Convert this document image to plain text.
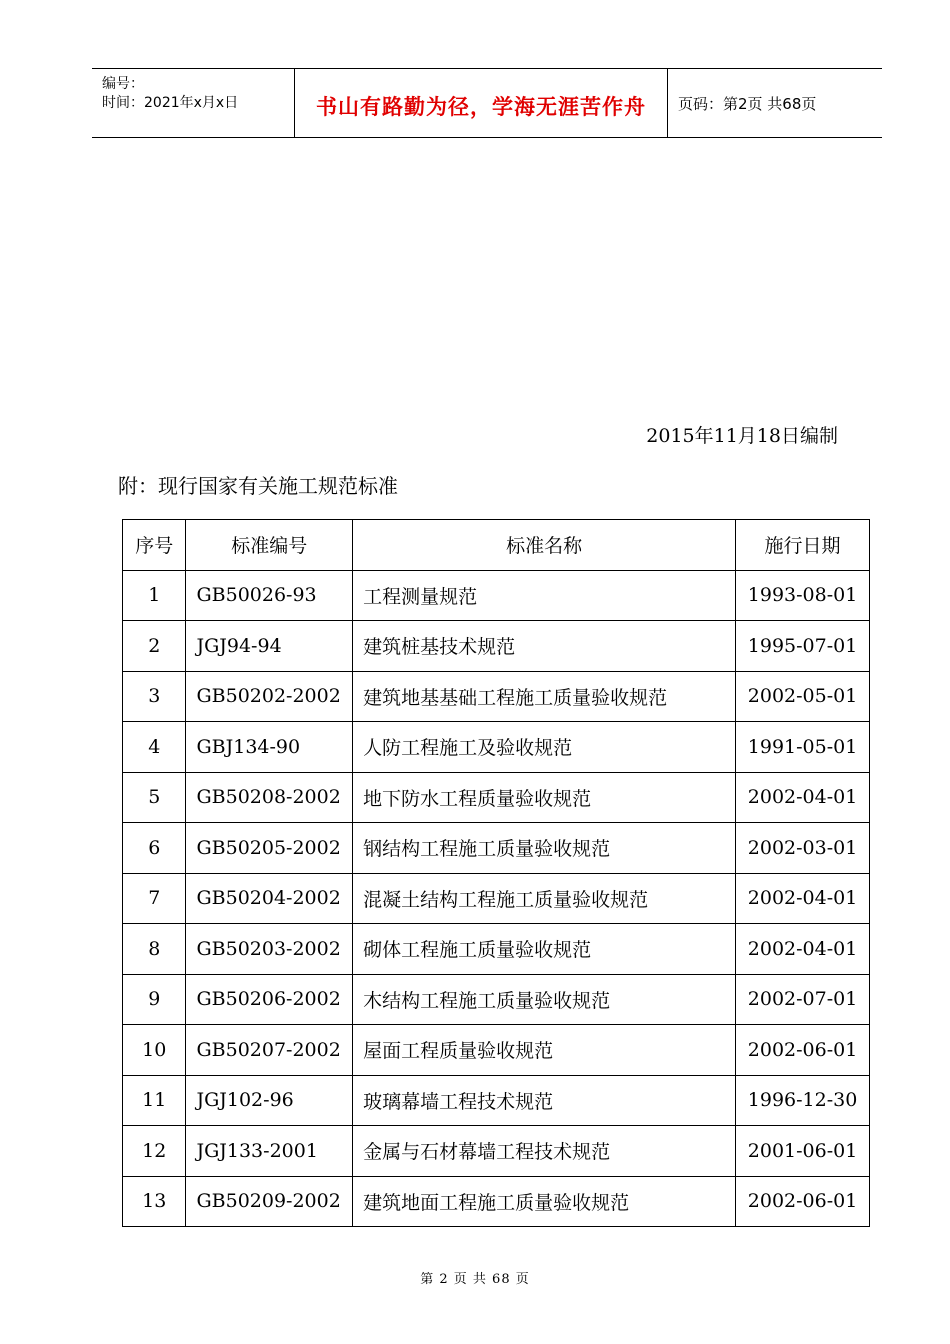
编号：
时间：2021年x月x日	书山有路勤为径，学海无涯苦作舟	页码：第2页 共68页
2015年11月18日编制
附：现行国家有关施工规范标准
序号	标准编号	标准名称	施行日期
1	GB50026-93	工程测量规范	1993-08-01
2	JGJ94-94	建筑桩基技术规范	1995-07-01
3	GB50202-2002	建筑地基基础工程施工质量验收规范	2002-05-01
4	GBJ134-90	人防工程施工及验收规范	1991-05-01
5	GB50208-2002	地下防水工程质量验收规范	2002-04-01
6	GB50205-2002	钢结构工程施工质量验收规范	2002-03-01
7	GB50204-2002	混凝土结构工程施工质量验收规范	2002-04-01
8	GB50203-2002	砌体工程施工质量验收规范	2002-04-01
9	GB50206-2002	木结构工程施工质量验收规范	2002-07-01
10	GB50207-2002	屋面工程质量验收规范	2002-06-01
11	JGJ102-96	玻璃幕墙工程技术规范	1996-12-30
12	JGJ133-2001	金属与石材幕墙工程技术规范	2001-06-01
13	GB50209-2002	建筑地面工程施工质量验收规范	2002-06-01
第 2 页 共 68 页
